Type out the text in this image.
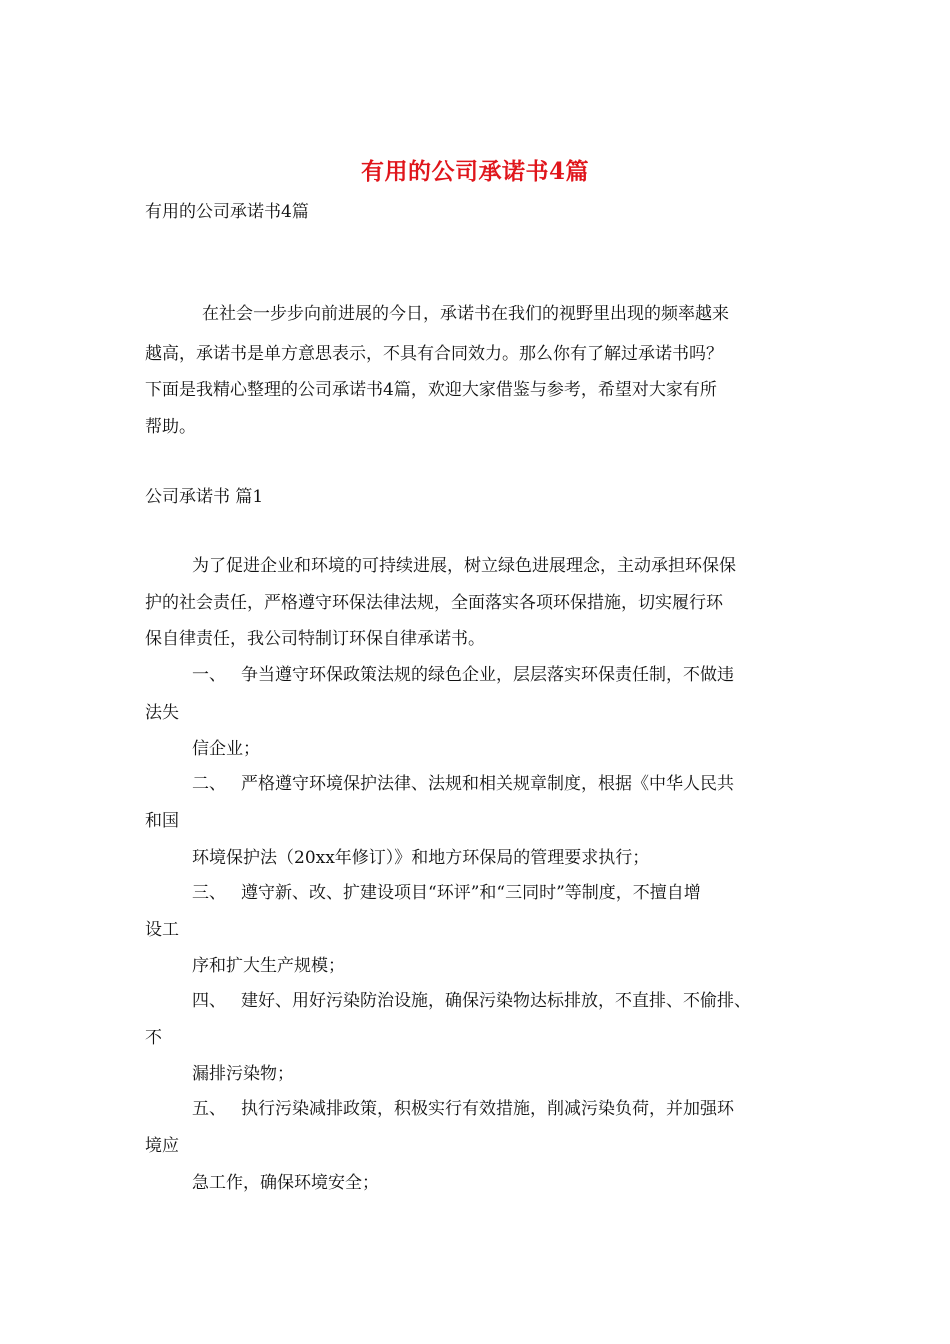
有用的公司承诺书4篇
有用的公司承诺书4篇
在社会一步步向前进展的今日，承诺书在我们的视野里出现的频率越来
越高，承诺书是单方意思表示，不具有合同效力。那么你有了解过承诺书吗？
下面是我精心整理的公司承诺书4篇，欢迎大家借鉴与参考，希望对大家有所
帮助。
公司承诺书 篇1
为了促进企业和环境的可持续进展，树立绿色进展理念，主动承担环保保
护的社会责任，严格遵守环保法律法规，全面落实各项环保措施，切实履行环
保自律责任，我公司特制订环保自律承诺书。
一、 争当遵守环保政策法规的绿色企业，层层落实环保责任制，不做违
法失
信企业；
二、 严格遵守环境保护法律、法规和相关规章制度，根据《中华人民共
和国
环境保护法（20xx年修订）》和地方环保局的管理要求执行；
三、 遵守新、改、扩建设项目“环评”和“三同时”等制度，不擅自增
设工
序和扩大生产规模；
四、 建好、用好污染防治设施，确保污染物达标排放，不直排、不偷排、
不
漏排污染物；
五、 执行污染减排政策，积极实行有效措施，削减污染负荷，并加强环
境应
急工作，确保环境安全；
